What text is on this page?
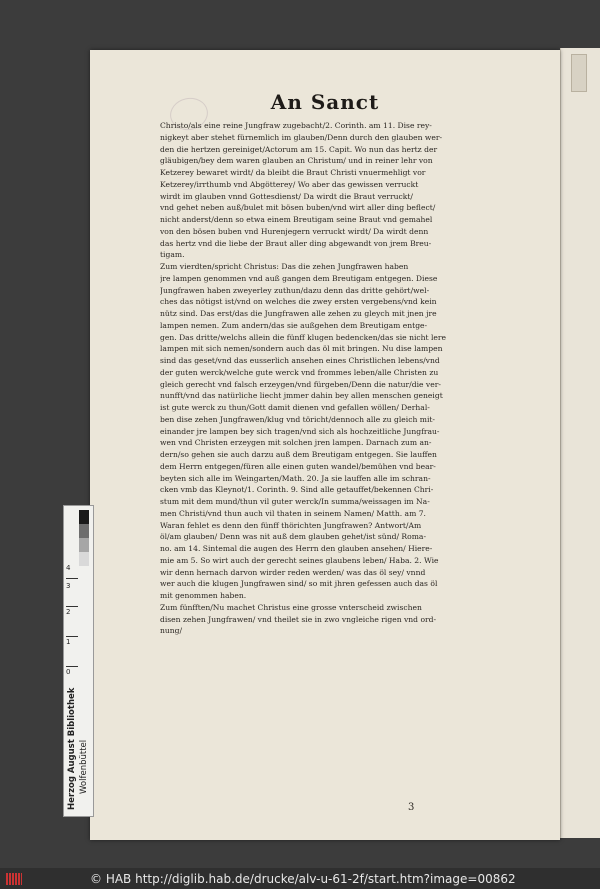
An Sanct
Christo/als eine reine Jungfraw zugebacht/2. Corinth. am 11. Dise rey-
nigkeyt aber stehet fürnemlich im glauben/Denn durch den glauben wer-
den die hertzen gereiniget/Actorum am 15. Capit. Wo nun das hertz der
gläubigen/bey dem waren glauben an Christum/ und in reiner lehr von
Ketzerey bewaret wirdt/ da bleibt die Braut Christi vnuermehligt vor
Ketzerey/irrthumb vnd Abgötterey/ Wo aber das gewissen verruckt
wirdt im glauben vnnd Gottesdienst/ Da wirdt die Braut verruckt/
vnd gehet neben auß/bulet mit bösen buben/vnd wirt aller ding beflect/
nicht anderst/denn so etwa einem Breutigam seine Braut vnd gemahel
von den bösen buben vnd Hurenjegern verruckt wirdt/ Da wirdt denn
das hertz vnd die liebe der Braut aller ding abgewandt von jrem Breu-
tigam.
Zum vierdten/spricht Christus: Das die zehen Jungfrawen haben
jre lampen genommen vnd auß gangen dem Breutigam entgegen. Diese
Jungfrawen haben zweyerley zuthun/dazu denn das dritte gehört/wel-
ches das nötigst ist/vnd on welches die zwey ersten vergebens/vnd kein
nütz sind. Das erst/das die Jungfrawen alle zehen zu gleych mit jnen jre
lampen nemen. Zum andern/das sie außgehen dem Breutigam entge-
gen. Das dritte/welchs allein die fünff klugen bedencken/das sie nicht lere
lampen mit sich nemen/sondern auch das öl mit bringen. Nu dise lampen
sind das geset/vnd das eusserlich ansehen eines Christlichen lebens/vnd
der guten werck/welche gute werck vnd frommes leben/alle Christen zu
gleich gerecht vnd falsch erzeygen/vnd fürgeben/Denn die natur/die ver-
nunfft/vnd das natürliche liecht jmmer dahin bey allen menschen geneigt
ist gute werck zu thun/Gott damit dienen vnd gefallen wöllen/ Derhal-
ben dise zehen Jungfrawen/klug vnd töricht/dennoch alle zu gleich mit-
einander jre lampen bey sich tragen/vnd sich als hochzeitliche Jungfrau-
wen vnd Christen erzeygen mit solchen jren lampen. Darnach zum an-
dern/so gehen sie auch darzu auß dem Breutigam entgegen. Sie lauffen
dem Herrn entgegen/füren alle einen guten wandel/bemühen vnd bear-
beyten sich alle im Weingarten/Math. 20. Ja sie lauffen alle im schran-
cken vmb das Kleynot/1. Corinth. 9. Sind alle getauffet/bekennen Chri-
stum mit dem mund/thun vil guter werck/In summa/weissagen im Na-
men Christi/vnd thun auch vil thaten in seinem Namen/ Matth. am 7.
Waran fehlet es denn den fünff thörichten Jungfrawen? Antwort/Am
öl/am glauben/ Denn was nit auß dem glauben gehet/ist sünd/ Roma-
no. am 14. Sintemal die augen des Herrn den glauben ansehen/ Hiere-
mie am 5. So wirt auch der gerecht seines glaubens leben/ Haba. 2. Wie
wir denn hernach darvon wirder reden werden/ was das öl sey/ vnnd
wer auch die klugen Jungfrawen sind/ so mit jhren gefessen auch das öl
mit genommen haben.
Zum fünfften/Nu machet Christus eine grosse vnterscheid zwischen
disen zehen Jungfrawen/ vnd theilet sie in zwo vngleiche rigen vnd ord-
nung/
3
Herzog August Bibliothek Wolfenbüttel
0
1
2
3
4
© HAB http://diglib.hab.de/drucke/alv-u-61-2f/start.htm?image=00862
